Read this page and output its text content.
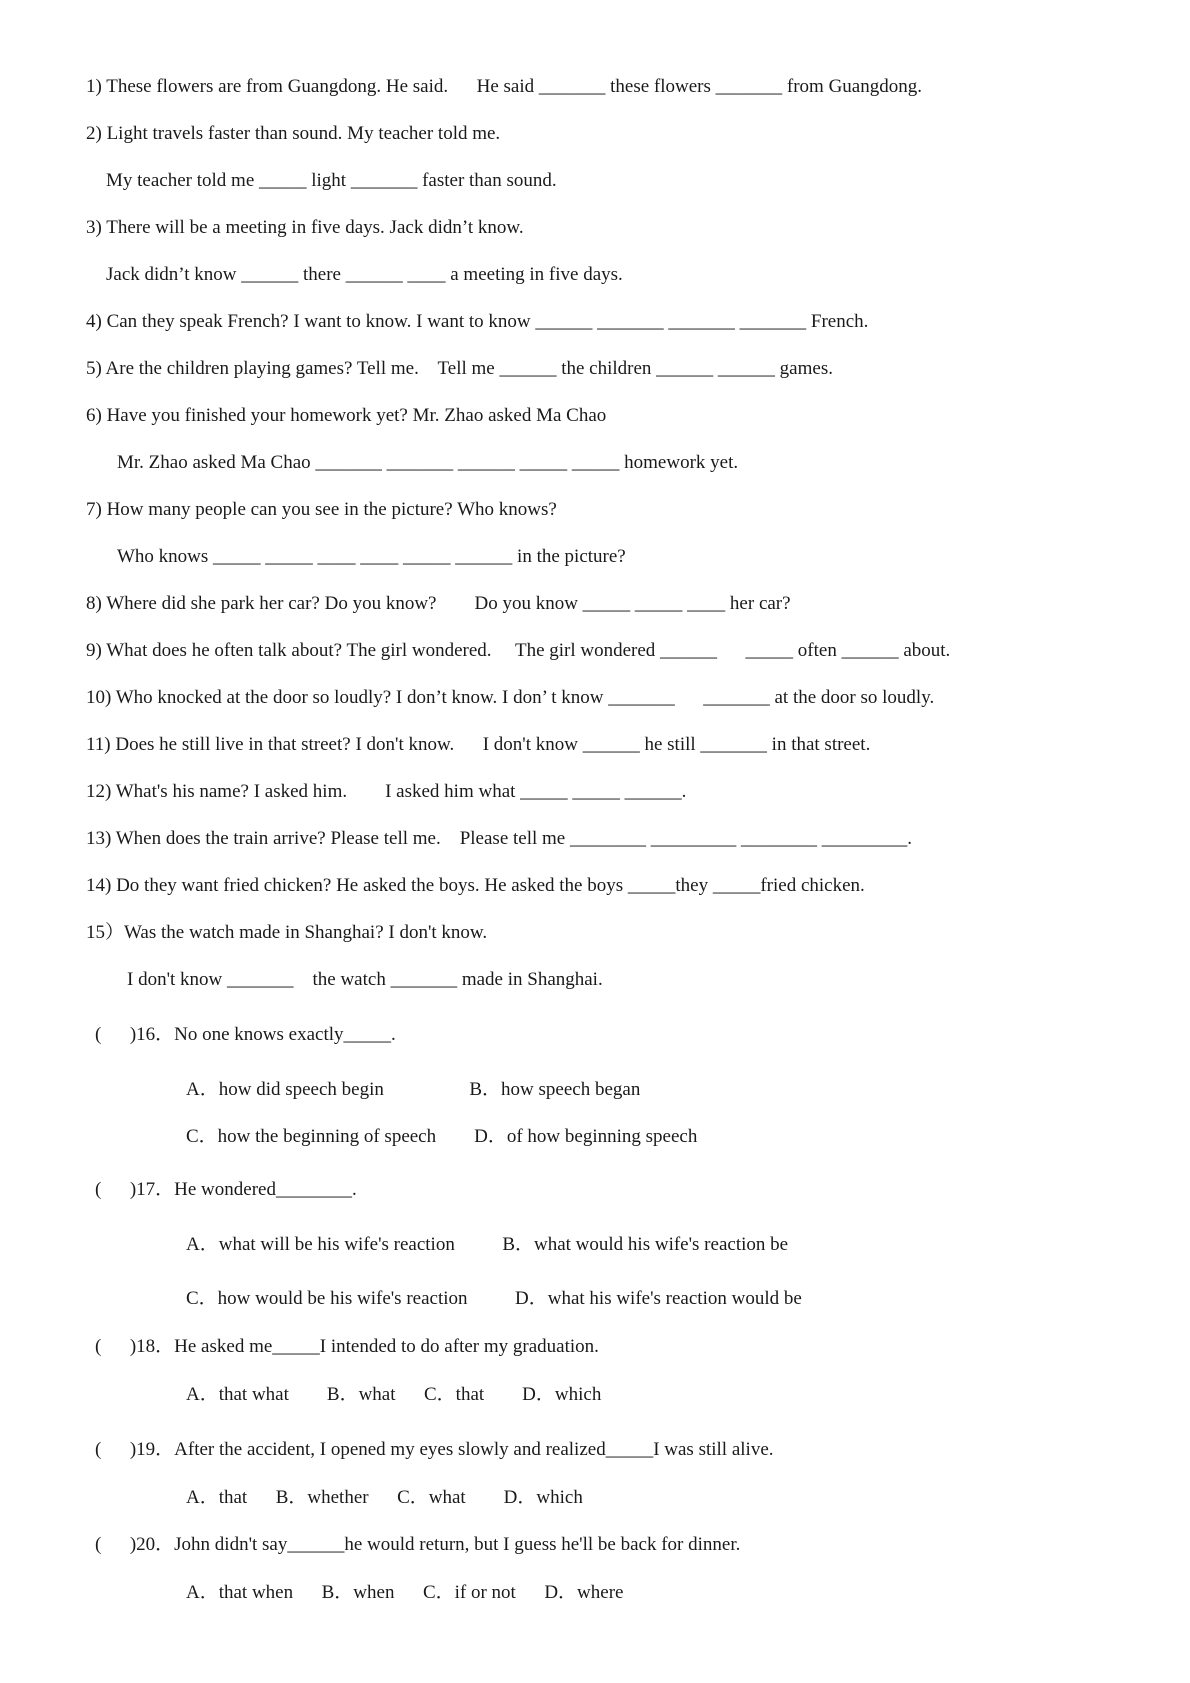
1) These flowers are from Guangdong. He said.      He said _______ these flowers _______ from Guangdong.
2) Light travels faster than sound. My teacher told me.
My teacher told me _____ light _______ faster than sound.
3) There will be a meeting in five days. Jack didn’t know.
Jack didn’t know ______ there ______ ____ a meeting in five days.
4) Can they speak French? I want to know. I want to know ______ _______ _______ _______ French.
5) Are the children playing games? Tell me.    Tell me ______ the children ______ ______ games.
6) Have you finished your homework yet? Mr. Zhao asked Ma Chao
Mr. Zhao asked Ma Chao _______ _______ ______ _____ _____ homework yet.
7) How many people can you see in the picture? Who knows?
Who knows _____ _____ ____ ____ _____ ______ in the picture?
8) Where did she park her car? Do you know?        Do you know _____ _____ ____ her car?
9) What does he often talk about? The girl wondered.     The girl wondered ______      _____ often ______ about.
10) Who knocked at the door so loudly? I don’t know. I don’ t know _______      _______ at the door so loudly.
11) Does he still live in that street? I don't know.      I don't know ______ he still _______ in that street.
12) What's his name? I asked him.        I asked him what _____ _____ ______.
13) When does the train arrive? Please tell me.    Please tell me ________ _________ ________ _________.
14) Do they want fried chicken? He asked the boys. He asked the boys _____they _____fried chicken.
15）Was the watch made in Shanghai? I don't know.
I don't know _______    the watch _______ made in Shanghai.
(      )16．No one knows exactly_____.
A．how did speech begin                  B．how speech began
C．how the beginning of speech        D．of how beginning speech
(      )17．He wondered________.
A．what will be his wife's reaction          B．what would his wife's reaction be
C．how would be his wife's reaction          D．what his wife's reaction would be
(      )18．He asked me_____I intended to do after my graduation.
A．that what        B．what      C．that        D．which
(      )19．After the accident, I opened my eyes slowly and realized_____I was still alive.
A．that      B．whether      C．what        D．which
(      )20．John didn't say______he would return, but I guess he'll be back for dinner.
A．that when      B．when      C．if or not      D．where
